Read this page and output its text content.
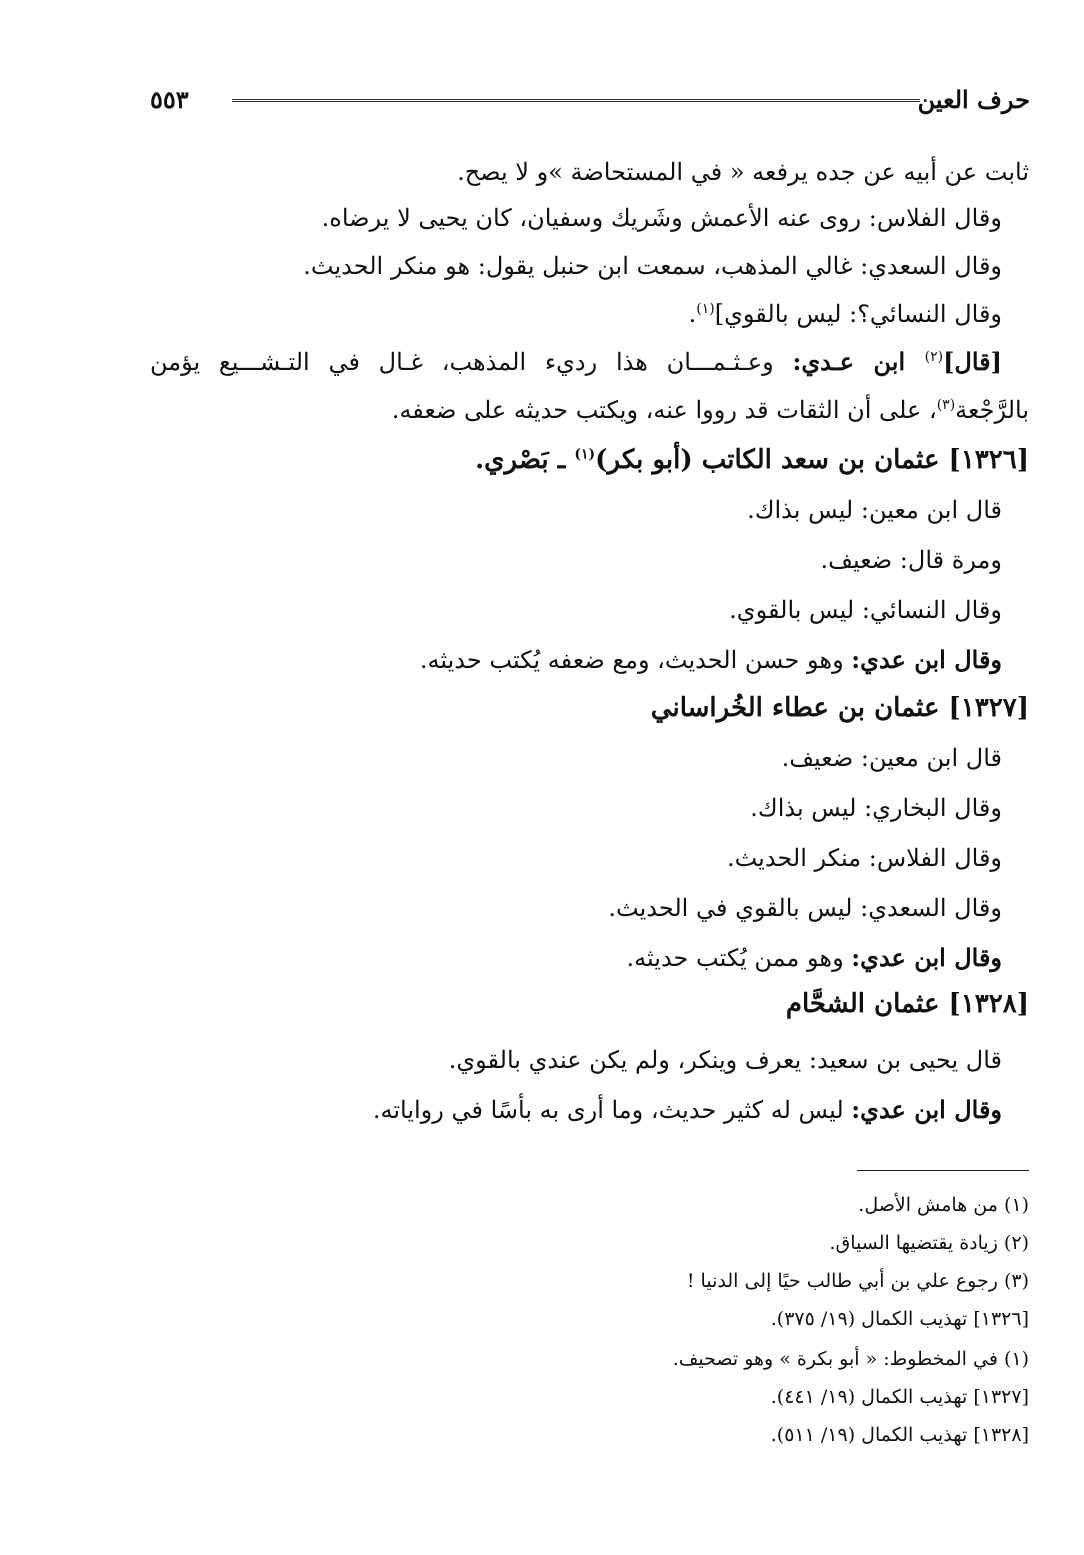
حرف العين
٥٥٣
ثابت عن أبيه عن جده يرفعه « في المستحاضة »و لا يصح.
وقال الفلاس: روى عنه الأعمش وشَريك وسفيان، كان يحيى لا يرضاه.
وقال السعدي: غالي المذهب، سمعت ابن حنبل يقول: هو منكر الحديث.
وقال النسائي؟: ليس بالقوي]$^{(١)}$.
[قال]$^{(٢)}$ ابن عـدي: وعـثـمـــان هذا رديء المذهب، غـال في التـشـــيع يؤمن
بالرَّجْعة$^{(٣)}$، على أن الثقات قد رووا عنه، ويكتب حديثه على ضعفه.
[١٣٢٦] عثمان بن سعد الكاتب (أبو بكر)$^{(١)}$ ـ بَصْري.
قال ابن معين: ليس بذاك.
ومرة قال: ضعيف.
وقال النسائي: ليس بالقوي.
وقال ابن عدي: وهو حسن الحديث، ومع ضعفه يُكتب حديثه.
[١٣٢٧] عثمان بن عطاء الخُراساني
قال ابن معين: ضعيف.
وقال البخاري: ليس بذاك.
وقال الفلاس: منكر الحديث.
وقال السعدي: ليس بالقوي في الحديث.
وقال ابن عدي: وهو ممن يُكتب حديثه.
[١٣٢٨] عثمان الشحَّام
قال يحيى بن سعيد: يعرف وينكر، ولم يكن عندي بالقوي.
وقال ابن عدي: ليس له كثير حديث، وما أرى به بأسًا في رواياته.
(١) من هامش الأصل.
(٢) زيادة يقتضيها السياق.
(٣) رجوع علي بن أبي طالب حيًا إلى الدنيا !
[١٣٢٦] تهذيب الكمال (١٩/ ٣٧٥).
(١) في المخطوط: « أبو بكرة » وهو تصحيف.
[١٣٢٧] تهذيب الكمال (١٩/ ٤٤١).
[١٣٢٨] تهذيب الكمال (١٩/ ٥١١).
